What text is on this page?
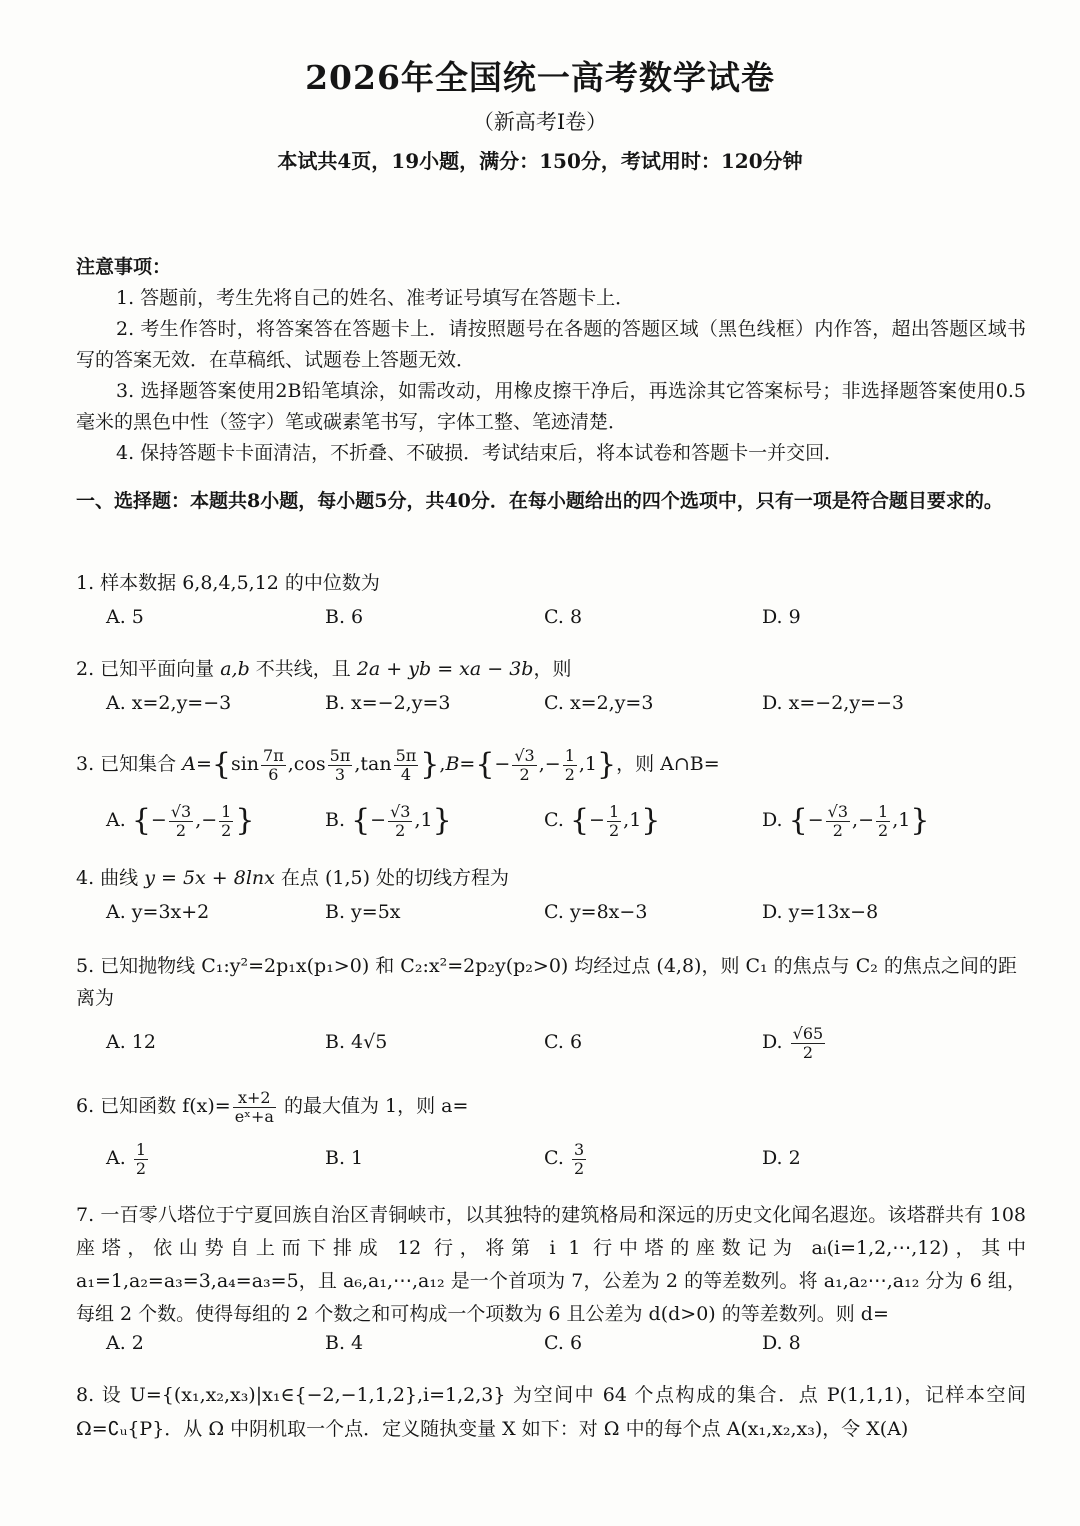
2026年全国统一高考数学试卷
（新高考Ⅰ卷）
本试共4页，19小题，满分：150分，考试用时：120分钟
注意事项：
1. 答题前，考生先将自己的姓名、准考证号填写在答题卡上．
2. 考生作答时，将答案答在答题卡上．请按照题号在各题的答题区域（黑色线框）内作答，超出答题区域书写的答案无效．在草稿纸、试题卷上答题无效．
3. 选择题答案使用2B铅笔填涂，如需改动，用橡皮擦干净后，再选涂其它答案标号；非选择题答案使用0.5毫米的黑色中性（签字）笔或碳素笔书写，字体工整、笔迹清楚．
4. 保持答题卡卡面清洁，不折叠、不破损．考试结束后，将本试卷和答题卡一并交回．
一、选择题：本题共8小题，每小题5分，共40分．在每小题给出的四个选项中，只有一项是符合题目要求的。
1. 样本数据 6,8,4,5,12 的中位数为
A. 5	B. 6	C. 8	D. 9
2. 已知平面向量 a,b 不共线，且 2a + yb = xa − 3b，则
A. x=2,y=−3	B. x=−2,y=3	C. x=2,y=3	D. x=−2,y=−3
3. 已知集合 $A=\{\sin \frac{7\pi}{6} ,\cos \frac{5\pi}{3} ,\tan \frac{5\pi}{4} \},B=\{- \frac{√3}{2}$ ,− $\frac{1}{2} ,1$}，则 A∩B=
A. {− $\frac{√3}{2}$ ,− $\frac{1}{2}$ }	B. {− $\frac{√3}{2} ,1$}	C. {− $\frac{1}{2} ,1$}	D. {− $\frac{√3}{2}$ ,− $\frac{1}{2} ,1$}
4. 曲线 y = 5x + 8lnx 在点 (1,5) 处的切线方程为
A. y=3x+2	B. y=5x	C. y=8x−3	D. y=13x−8
5. 已知抛物线 C₁:y²=2p₁x(p₁>0) 和 C₂:x²=2p₂y(p₂>0) 均经过点 (4,8)，则 C₁ 的焦点与 C₂ 的焦点之间的距离为
A. 12	B. 4√5	C. 6	D. $\frac{√65}{2}$
6. 已知函数 $f(x)= \frac{x+2}{\text{eˣ+a}}$ 的最大值为 1，则 a=
A. $\frac{1}{2}$	B. 1	C. $\frac{3}{2}$	D. 2
7. 一百零八塔位于宁夏回族自治区青铜峡市，以其独特的建筑格局和深远的历史文化闻名遐迩。该塔群共有 108 座塔，依山势自上而下排成 12 行，将第 i 1 行中塔的座数记为 aᵢ(i=1,2,⋯,12)，其中 a₁=1,a₂=a₃=3,a₄=a₃=5，且 a₆,a₁,⋯,a₁₂ 是一个首项为 7，公差为 2 的等差数列。将 a₁,a₂⋯,a₁₂ 分为 6 组，每组 2 个数。使得每组的 2 个数之和可构成一个项数为 6 且公差为 d(d>0) 的等差数列。则 d=
A. 2	B. 4	C. 6	D. 8
8. 设 U={(x₁,x₂,x₃)|x₁∈{−2,−1,1,2},i=1,2,3} 为空间中 64 个点构成的集合．点 P(1,1,1)，记样本空间 Ω=∁ᵤ{P}．从 Ω 中阴机取一个点．定义随执变量 X 如下：对 Ω 中的每个点 A(x₁,x₂,x₃)，令 X(A)
